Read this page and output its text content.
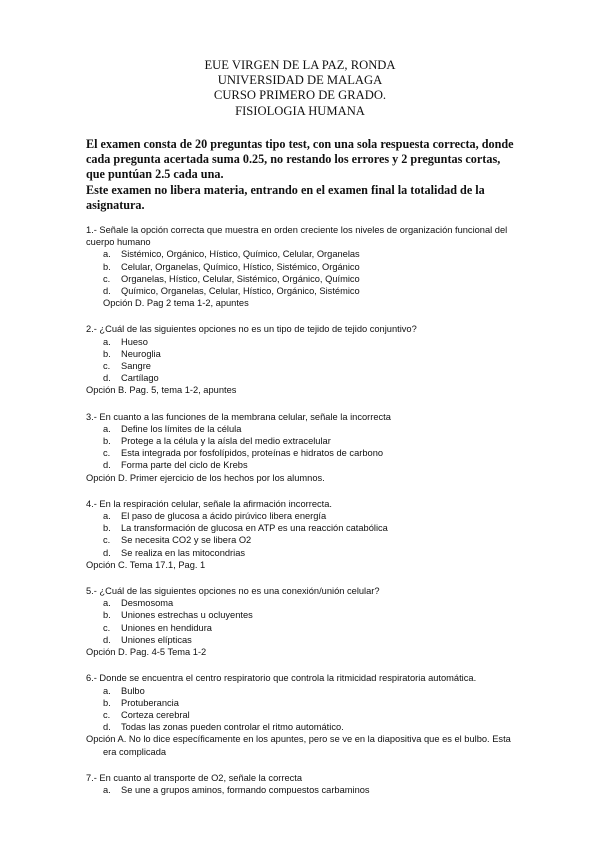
EUE VIRGEN DE LA PAZ, RONDA
UNIVERSIDAD DE MALAGA
CURSO PRIMERO DE GRADO.
FISIOLOGIA HUMANA
El examen consta de 20 preguntas tipo test, con una sola respuesta correcta, donde cada pregunta acertada suma 0.25, no restando los errores y 2 preguntas cortas, que puntúan 2.5 cada una.
Este examen no libera materia, entrando en el examen final la totalidad de la asignatura.
1.- Señale la opción correcta que muestra en orden creciente los niveles de organización funcional del cuerpo humano
a. Sistémico, Orgánico, Hístico, Químico, Celular, Organelas
b. Celular, Organelas, Químico, Hístico, Sistémico, Orgánico
c. Organelas, Hístico, Celular, Sistémico, Orgánico, Químico
d. Químico, Organelas, Celular, Hístico, Orgánico, Sistémico
Opción D. Pag 2 tema 1-2, apuntes
2.- ¿Cuál de las siguientes opciones no es un tipo de tejido de tejido conjuntivo?
a. Hueso
b. Neuroglia
c. Sangre
d. Cartílago
Opción B. Pag. 5, tema 1-2, apuntes
3.- En cuanto a las funciones de la membrana celular, señale la incorrecta
a. Define los límites de la célula
b. Protege a la célula y la aísla del medio extracelular
c. Esta integrada por fosfolípidos, proteínas e hidratos de carbono
d. Forma parte del ciclo de Krebs
Opción D. Primer ejercicio de los hechos por los alumnos.
4.- En la respiración celular, señale la afirmación incorrecta.
a. El paso de glucosa a ácido pirúvico libera energía
b. La transformación de glucosa en ATP es una reacción catabólica
c. Se necesita CO2 y se libera O2
d. Se realiza en las mitocondrias
Opción C. Tema 17.1, Pag. 1
5.- ¿Cuál de las siguientes opciones no es una conexión/unión celular?
a. Desmosoma
b. Uniones estrechas u ocluyentes
c. Uniones en hendidura
d. Uniones elípticas
Opción D. Pag. 4-5 Tema 1-2
6.- Donde se encuentra el centro respiratorio que controla la ritmicidad respiratoria automática.
a. Bulbo
b. Protuberancia
c. Corteza cerebral
d. Todas las zonas pueden controlar el ritmo automático.
Opción A. No lo dice específicamente en los apuntes, pero se ve en la diapositiva que es el bulbo. Esta era complicada
7.- En cuanto al transporte de O2, señale la correcta
a. Se une a grupos aminos, formando compuestos carbaminos
